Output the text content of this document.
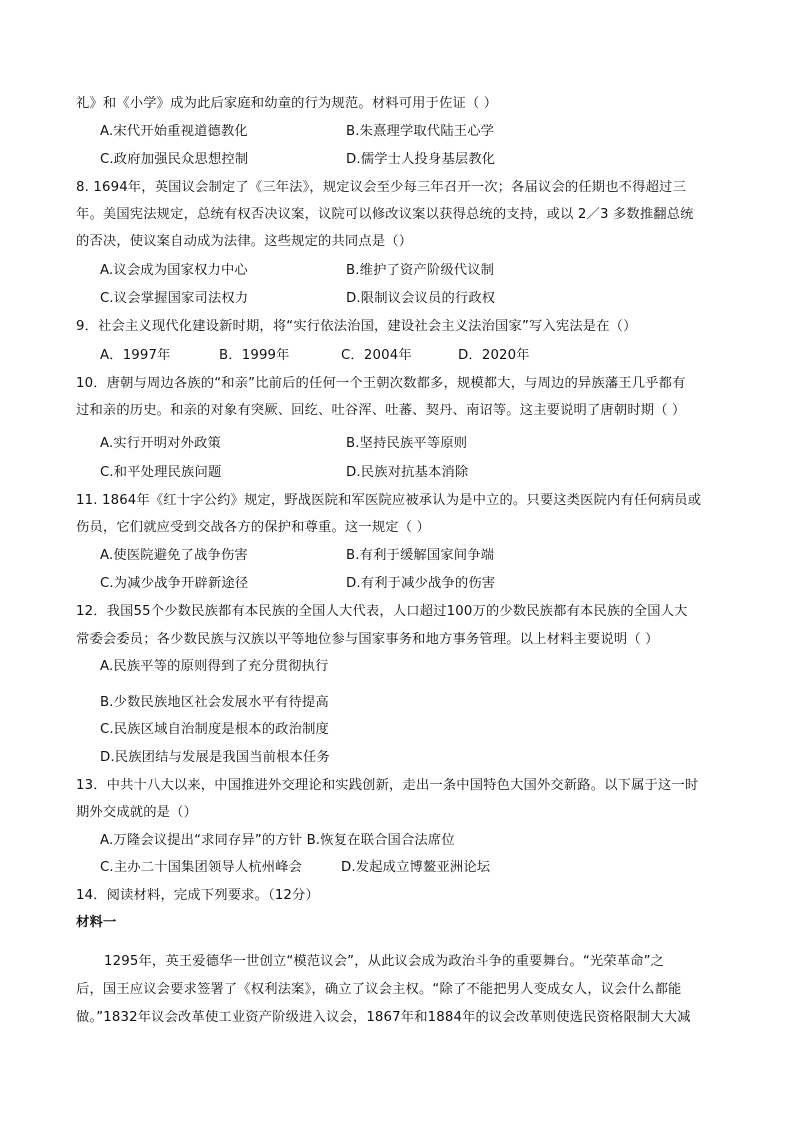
礼》和《小学》成为此后家庭和幼童的行为规范。材料可用于佐证（ ）
A.宋代开始重视道德教化	B.朱熹理学取代陆王心学
C.政府加强民众思想控制	D.儒学士人投身基层教化
8. 1694年，英国议会制定了《三年法》，规定议会至少每三年召开一次；各届议会的任期也不得超过三
年。美国宪法规定，总统有权否决议案，议院可以修改议案以获得总统的支持，或以 2／3 多数推翻总统
的否决，使议案自动成为法律。这些规定的共同点是（）
A.议会成为国家权力中心	B.维护了资产阶级代议制
C.议会掌握国家司法权力	D.限制议会议员的行政权
9．社会主义现代化建设新时期，将“实行依法治国，建设社会主义法治国家”写入宪法是在（）
A．1997年	B．1999年	C．2004年	D．2020年
10．唐朝与周边各族的“和亲”比前后的任何一个王朝次数都多，规模都大，与周边的异族藩王几乎都有
过和亲的历史。和亲的对象有突厥、回纥、吐谷浑、吐蕃、契丹、南诏等。这主要说明了唐朝时期（ ）
A.实行开明对外政策	B.坚持民族平等原则
C.和平处理民族问题	D.民族对抗基本消除
11. 1864年《红十字公约》规定，野战医院和军医院应被承认为是中立的。只要这类医院内有任何病员或
伤员，它们就应受到交战各方的保护和尊重。这一规定（ ）
A.使医院避免了战争伤害	B.有利于缓解国家间争端
C.为减少战争开辟新途径	D.有利于减少战争的伤害
12．我国55个少数民族都有本民族的全国人大代表，人口超过100万的少数民族都有本民族的全国人大
常委会委员；各少数民族与汉族以平等地位参与国家事务和地方事务管理。以上材料主要说明（ ）
A.民族平等的原则得到了充分贯彻执行
B.少数民族地区社会发展水平有待提高
C.民族区域自治制度是根本的政治制度
D.民族团结与发展是我国当前根本任务
13．中共十八大以来，中国推进外交理论和实践创新，走出一条中国特色大国外交新路。以下属于这一时
期外交成就的是（）
A.万隆会议提出“求同存异”的方针 B.恢复在联合国合法席位
C.主办二十国集团领导人杭州峰会	D.发起成立博鳌亚洲论坛
14．阅读材料，完成下列要求。（12分）
材料一
1295年，英王爱德华一世创立“模范议会”，从此议会成为政治斗争的重要舞台。“光荣革命”之
后，国王应议会要求签署了《权利法案》，确立了议会主权。“除了不能把男人变成女人，议会什么都能
做。”1832年议会改革使工业资产阶级进入议会，1867年和1884年的议会改革则使选民资格限制大大减
